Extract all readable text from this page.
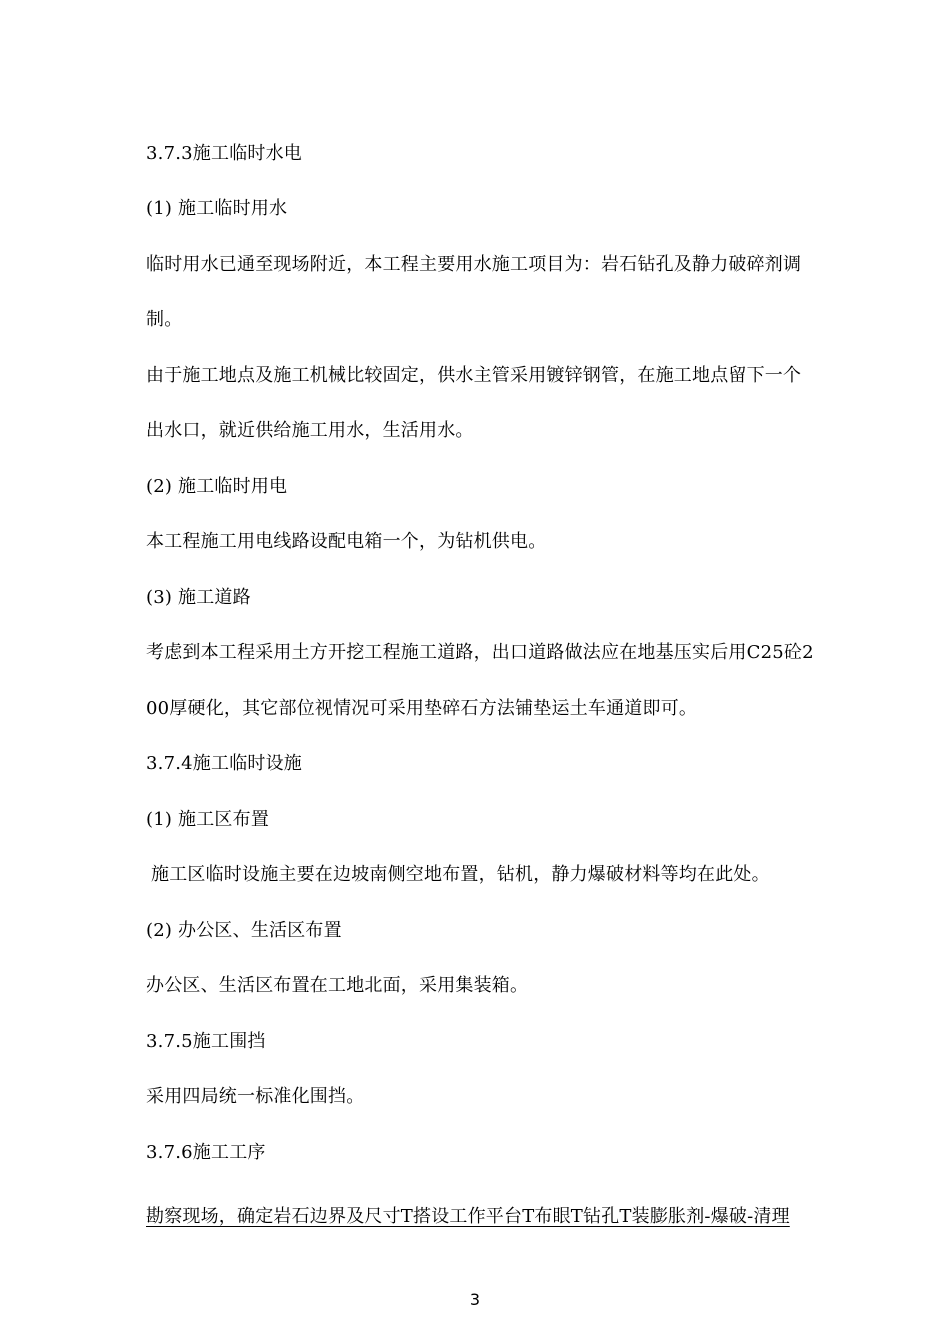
3.7.3施工临时水电
(1) 施工临时用水
临时用水已通至现场附近，本工程主要用水施工项目为：岩石钻孔及静力破碎剂调
制。
由于施工地点及施工机械比较固定，供水主管采用镀锌钢管，在施工地点留下一个
出水口，就近供给施工用水，生活用水。
(2) 施工临时用电
本工程施工用电线路设配电箱一个，为钻机供电。
(3) 施工道路
考虑到本工程采用土方开挖工程施工道路，出口道路做法应在地基压实后用C25砼2
00厚硬化，其它部位视情况可采用垫碎石方法铺垫运土车通道即可。
3.7.4施工临时设施
(1) 施工区布置
施工区临时设施主要在边坡南侧空地布置，钻机，静力爆破材料等均在此处。
(2) 办公区、生活区布置
办公区、生活区布置在工地北面，采用集装箱。
3.7.5施工围挡
采用四局统一标准化围挡。
3.7.6施工工序
勘察现场，确定岩石边界及尺寸T搭设工作平台T布眼T钻孔T装膨胀剂-爆破-清理
3
